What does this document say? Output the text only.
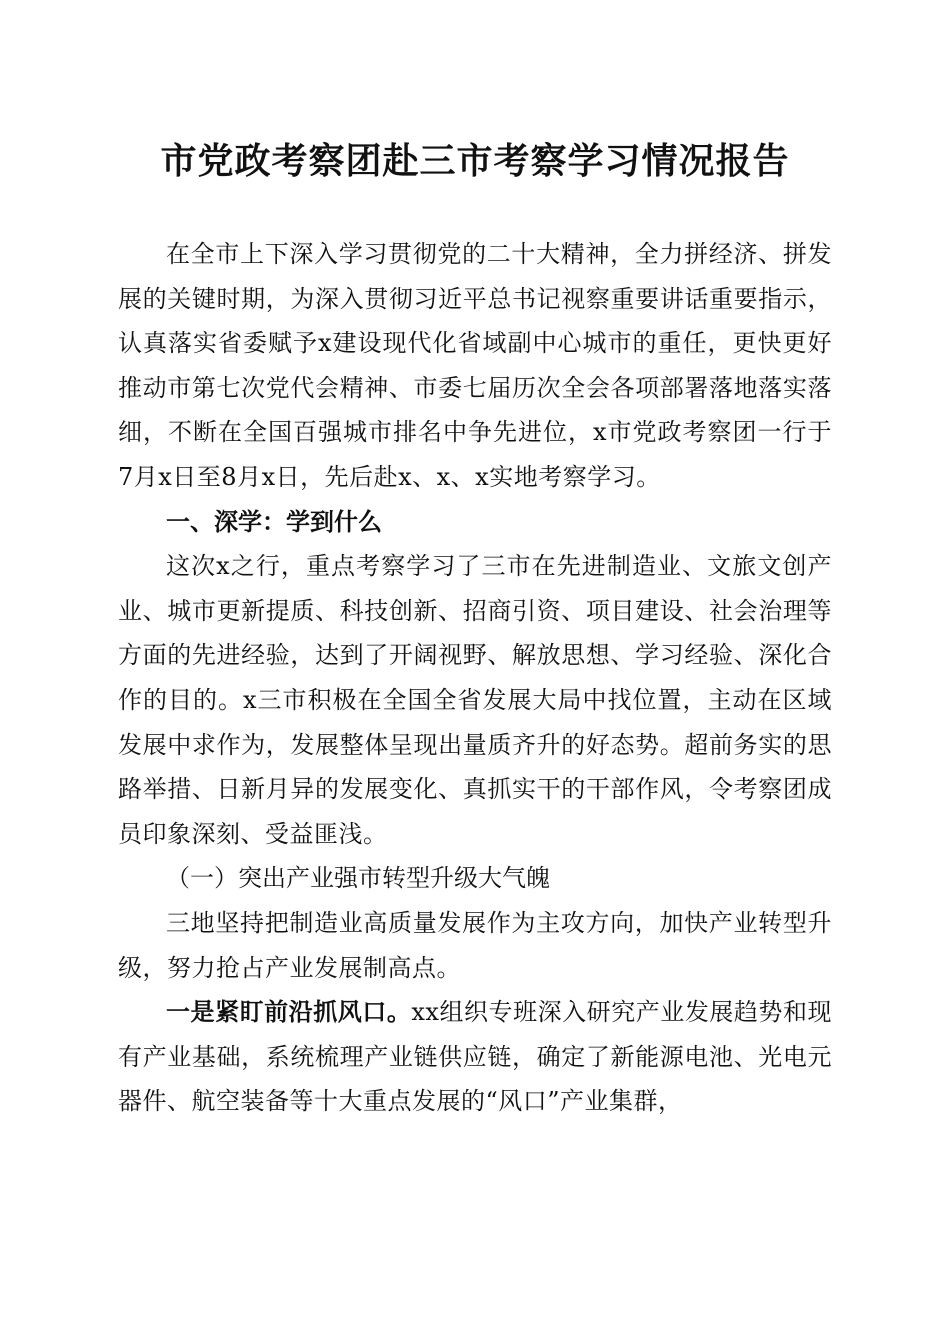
市党政考察团赴三市考察学习情况报告

在全市上下深入学习贯彻党的二十大精神，全力拼经济、拼发展的关键时期，为深入贯彻习近平总书记视察重要讲话重要指示，认真落实省委赋予x建设现代化省域副中心城市的重任，更快更好推动市第七次党代会精神、市委七届历次全会各项部署落地落实落细，不断在全国百强城市排名中争先进位，x市党政考察团一行于7月x日至8月x日，先后赴x、x、x实地考察学习。

一、深学：学到什么

这次x之行，重点考察学习了三市在先进制造业、文旅文创产业、城市更新提质、科技创新、招商引资、项目建设、社会治理等方面的先进经验，达到了开阔视野、解放思想、学习经验、深化合作的目的。x三市积极在全国全省发展大局中找位置，主动在区域发展中求作为，发展整体呈现出量质齐升的好态势。超前务实的思路举措、日新月异的发展变化、真抓实干的干部作风，令考察团成员印象深刻、受益匪浅。

（一）突出产业强市转型升级大气魄

三地坚持把制造业高质量发展作为主攻方向，加快产业转型升级，努力抢占产业发展制高点。

一是紧盯前沿抓风口。xx组织专班深入研究产业发展趋势和现有产业基础，系统梳理产业链供应链，确定了新能源电池、光电元器件、航空装备等十大重点发展的“风口”产业集群，
